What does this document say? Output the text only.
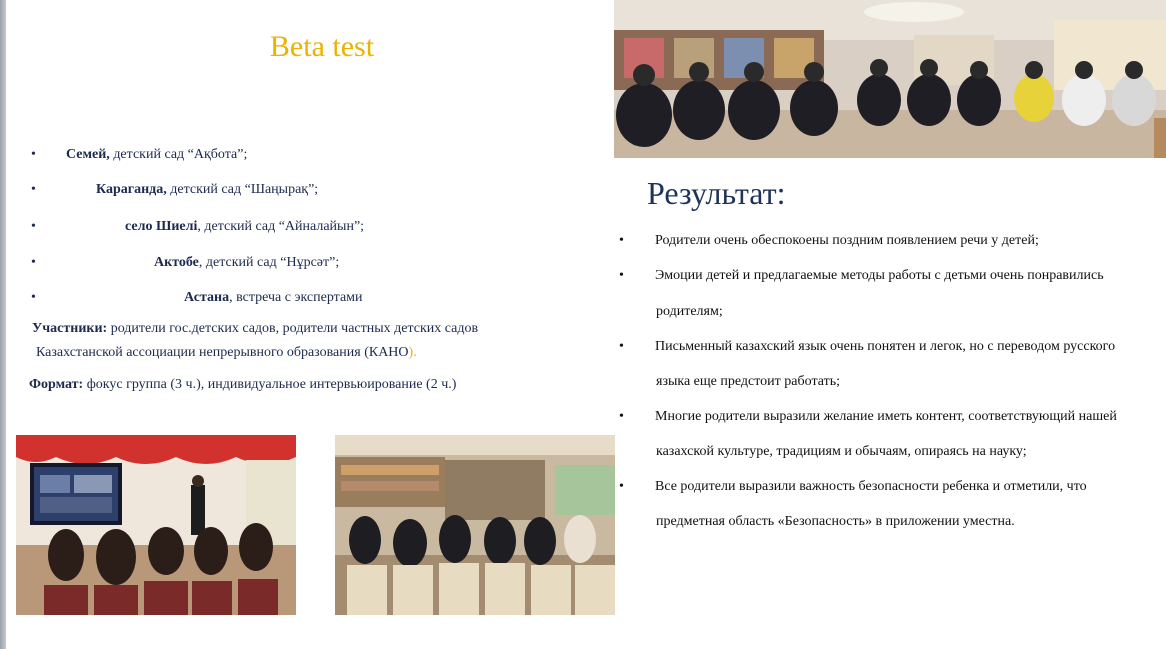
Beta test
• Семей, детский сад “Ақбота”;
•	Караганда, детский сад “Шаңырақ”;
•	село Шиелі, детский сад “Айналайын”;
•	Актобе, детский сад “Нұрсәт”;
•	Астана, встреча с экспертами
Участники: родители гос.детских садов, родители частных детских садов
Казахстанской ассоциации непрерывного образования (КАНО).
Формат: фокус группа (3 ч.), индивидуальное интервьюирование (2 ч.)
Результат:
• Родители очень обеспокоены поздним появлением речи у детей;
• Эмоции детей и предлагаемые методы работы с детьми очень понравились
родителям;
• Письменный казахский язык очень понятен и легок, но с переводом русского
языка еще предстоит работать;
• Многие родители выразили желание иметь контент, соответствующий нашей
казахской культуре, традициям и обычаям, опираясь на науку;
• Все родители выразили важность безопасности ребенка и отметили, что
предметная область «Безопасность» в приложении уместна.
